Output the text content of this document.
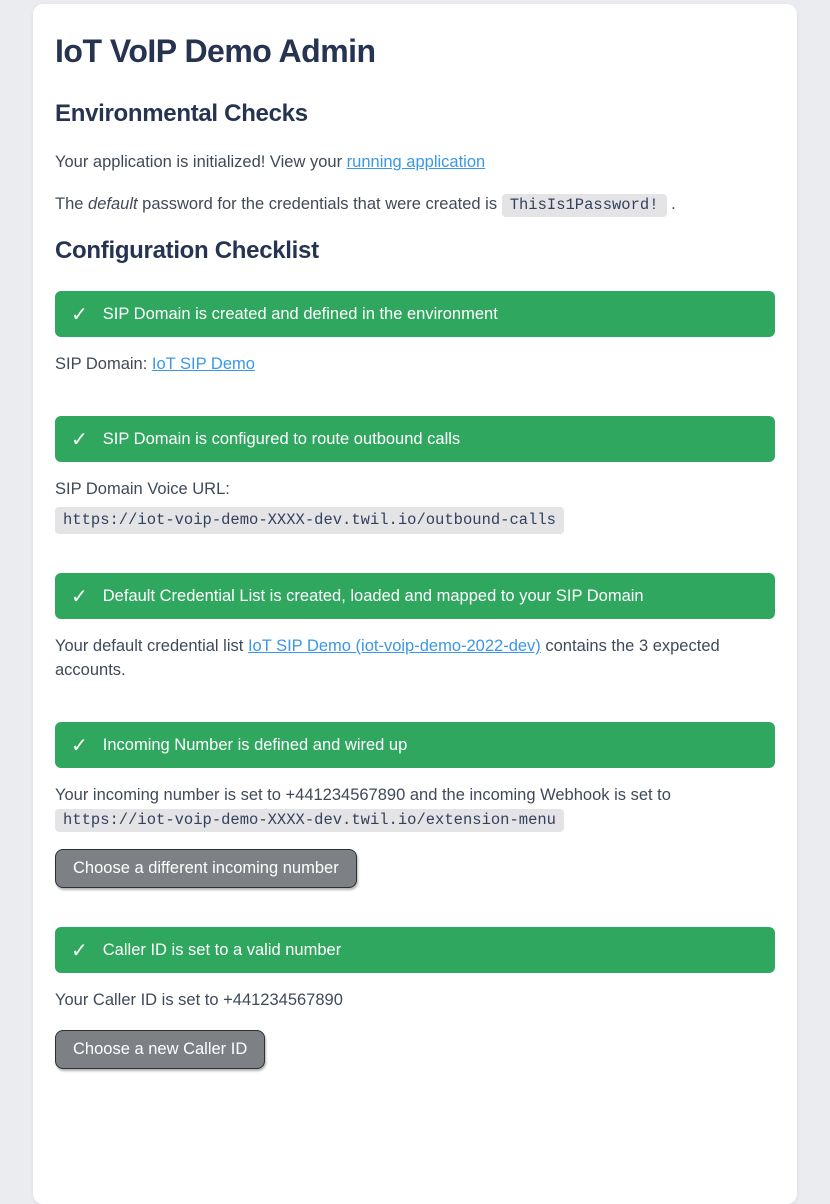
IoT VoIP Demo Admin
Environmental Checks

Your application is initialized! View your running application

The default password for the credentials that were created is ThisIs1Password! .

Configuration Checklist
✓ SIP Domain is created and defined in the environment

SIP Domain: IoT SIP Demo

✓ SIP Domain is configured to route outbound calls

SIP Domain Voice URL:
https://iot-voip-demo-XXXX-dev.twil.io/outbound-calls

✓ Default Credential List is created, loaded and mapped to your SIP Domain

Your default credential list IoT SIP Demo (iot-voip-demo-2022-dev) contains the 3 expected accounts.

✓ Incoming Number is defined and wired up

Your incoming number is set to +441234567890 and the incoming Webhook is set to https://iot-voip-demo-XXXX-dev.twil.io/extension-menu

Choose a different incoming number
✓ Caller ID is set to a valid number

Your Caller ID is set to +441234567890

Choose a new Caller ID
